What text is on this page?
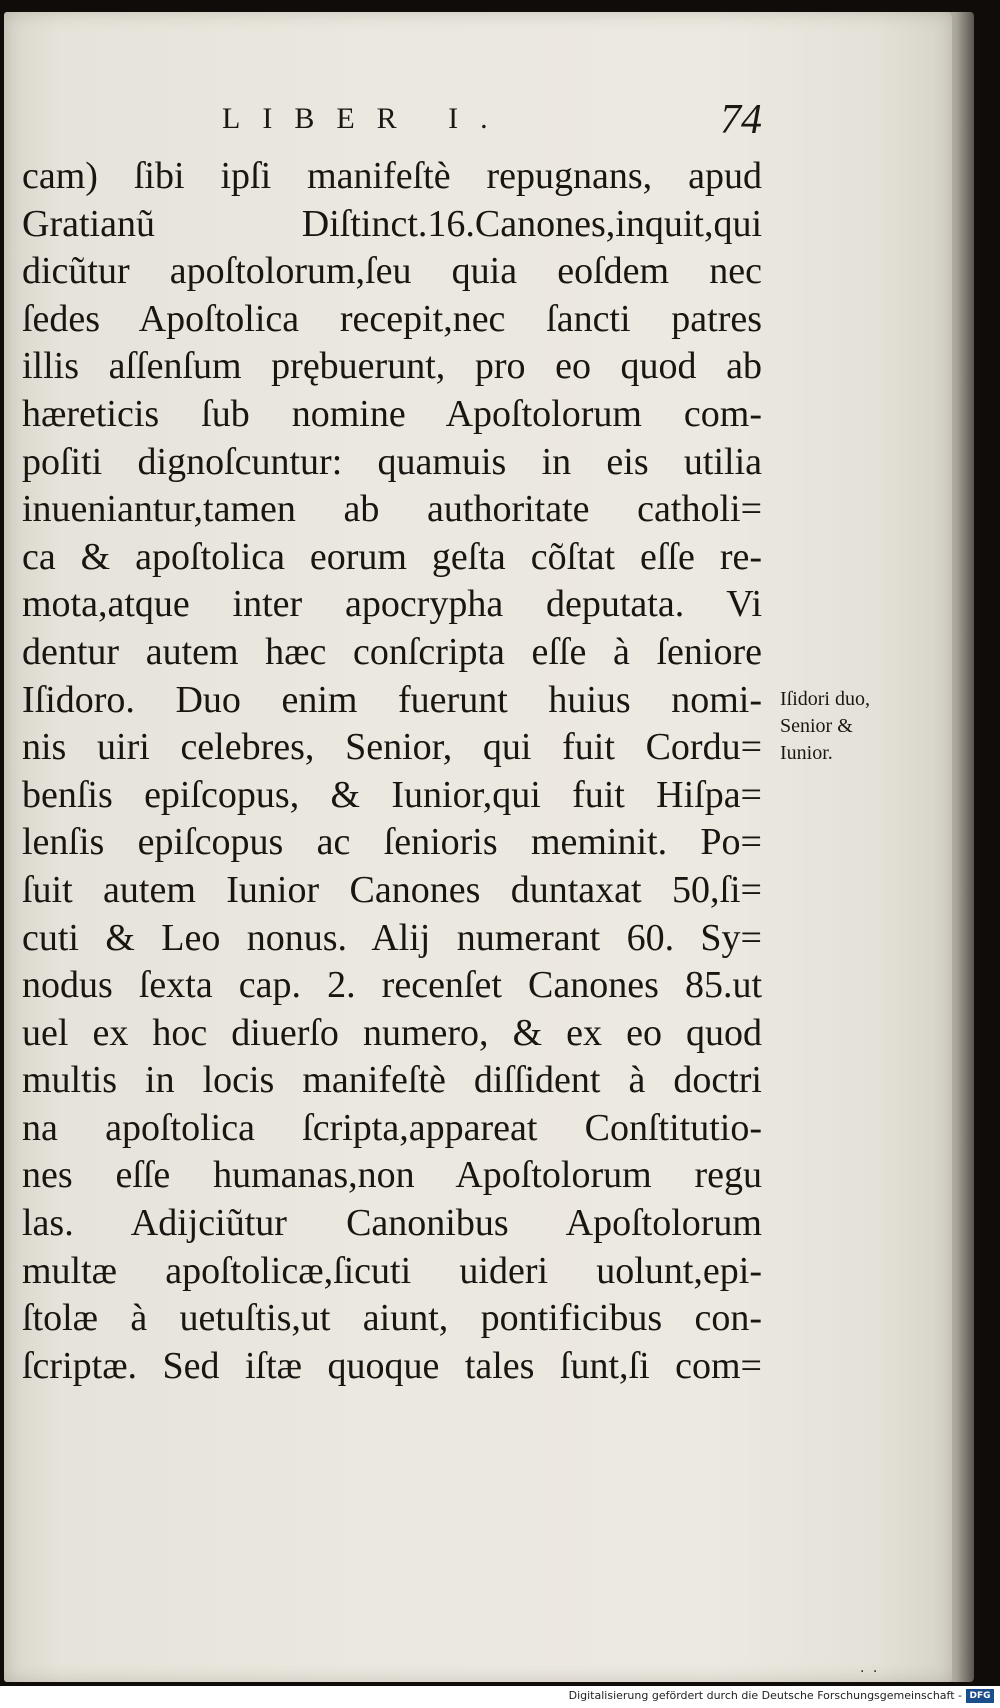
LIBER I.	74
cam) ſibi ipſi manifeſtè repugnans, apud
Gratianũ Diſtinct.16.Canones,inquit,qui
dicũtur apoſtolorum,ſeu quia eoſdem nec
ſedes Apoſtolica recepit,nec ſancti patres
illis aſſenſum prębuerunt, pro eo quod ab
hæreticis ſub nomine Apoſtolorum com-
poſiti dignoſcuntur: quamuis in eis utilia
inueniantur,tamen ab authoritate catholi=
ca & apoſtolica eorum geſta cõſtat eſſe re-
mota,atque inter apocrypha deputata. Vi
dentur autem hæc conſcripta eſſe à ſeniore
Iſidoro. Duo enim fuerunt huius nomi-
nis uiri celebres, Senior, qui fuit Cordu=
benſis epiſcopus, & Iunior,qui fuit Hiſpa=
lenſis epiſcopus ac ſenioris meminit. Po=
ſuit autem Iunior Canones duntaxat 50,ſi=
cuti & Leo nonus. Alij numerant 60. Sy=
nodus ſexta cap. 2. recenſet Canones 85.ut
uel ex hoc diuerſo numero, & ex eo quod
multis in locis manifeſtè diſſident à doctri
na apoſtolica ſcripta,appareat Conſtitutio-
nes eſſe humanas,non Apoſtolorum regu
las. Adijciũtur Canonibus Apoſtolorum
multæ apoſtolicæ,ſicuti uideri uolunt,epi-
ſtolæ à uetuſtis,ut aiunt, pontificibus con-
ſcriptæ. Sed iſtæ quoque tales ſunt,ſi com=
Iſidori duo,
Senior &
Iunior.
· ·
Digitalisierung gefördert durch die Deutsche Forschungsgemeinschaft - DFG
